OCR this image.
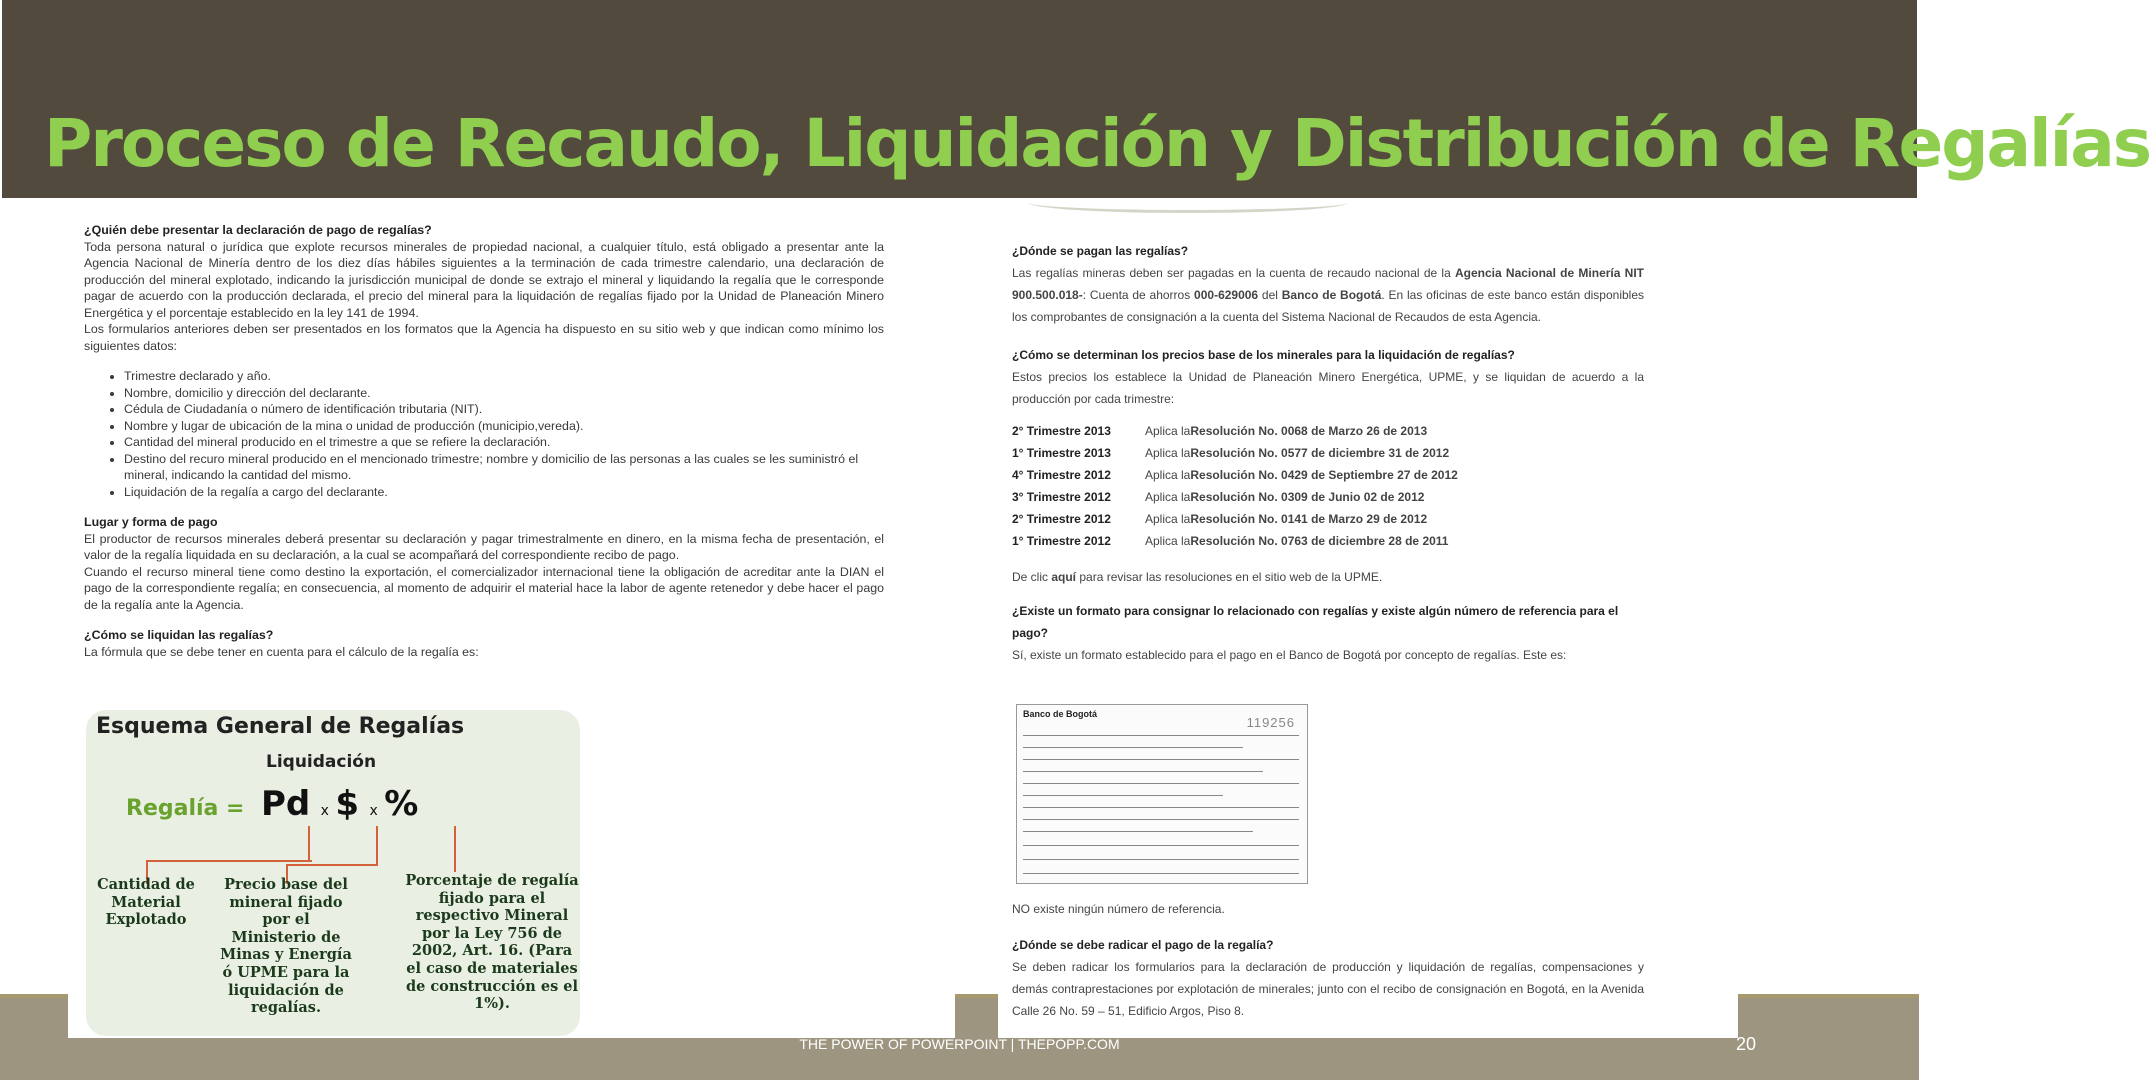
Proceso de Recaudo, Liquidación y Distribución de Regalías
¿Quién debe presentar la declaración de pago de regalías?

Toda persona natural o jurídica que explote recursos minerales de propiedad nacional, a cualquier título, está obligado a presentar ante la Agencia Nacional de Minería dentro de los diez días hábiles siguientes a la terminación de cada trimestre calendario, una declaración de producción del mineral explotado, indicando la jurisdicción municipal de donde se extrajo el mineral y liquidando la regalía que le corresponde pagar de acuerdo con la producción declarada, el precio del mineral para la liquidación de regalías fijado por la Unidad de Planeación Minero Energética y el porcentaje establecido en la ley 141 de 1994.

Los formularios anteriores deben ser presentados en los formatos que la Agencia ha dispuesto en su sitio web y que indican como mínimo los siguientes datos:

• Trimestre declarado y año.
• Nombre, domicilio y dirección del declarante.
• Cédula de Ciudadanía o número de identificación tributaria (NIT).
• Nombre y lugar de ubicación de la mina o unidad de producción (municipio,vereda).
• Cantidad del mineral producido en el trimestre a que se refiere la declaración.
• Destino del recuro mineral producido en el mencionado trimestre; nombre y domicilio de las personas a las cuales se les suministró el mineral, indicando la cantidad del mismo.
• Liquidación de la regalía a cargo del declarante.
Lugar y forma de pago

El productor de recursos minerales deberá presentar su declaración y pagar trimestralmente en dinero, en la misma fecha de presentación, el valor de la regalía liquidada en su declaración, a la cual se acompañará del correspondiente recibo de pago.

Cuando el recurso mineral tiene como destino la exportación, el comercializador internacional tiene la obligación de acreditar ante la DIAN el pago de la correspondiente regalía; en consecuencia, al momento de adquirir el material hace la labor de agente retenedor y debe hacer el pago de la regalía ante la Agencia.

¿Cómo se liquidan las regalías?

La fórmula que se debe tener en cuenta para el cálculo de la regalía es:

Esquema General de Regalías
Liquidación
Regalía = Pd x $ x %
Cantidad de Material Explotado
Precio base del mineral fijado por el Ministerio de Minas y Energía ó UPME para la liquidación de regalías.
Porcentaje de regalía fijado para el respectivo Mineral por la Ley 756 de 2002, Art. 16. (Para el caso de materiales de construcción es el 1%).
¿Dónde se pagan las regalías?

Las regalías mineras deben ser pagadas en la cuenta de recaudo nacional de la Agencia Nacional de Minería NIT 900.500.018-: Cuenta de ahorros 000-629006 del Banco de Bogotá. En las oficinas de este banco están disponibles los comprobantes de consignación a la cuenta del Sistema Nacional de Recaudos de esta Agencia.

¿Cómo se determinan los precios base de los minerales para la liquidación de regalías?

Estos precios los establece la Unidad de Planeación Minero Energética, UPME, y se liquidan de acuerdo a la producción por cada trimestre:

2° Trimestre 2013	Aplica la Resolución No. 0068 de Marzo 26 de 2013
1° Trimestre 2013	Aplica la Resolución No. 0577 de diciembre 31 de 2012
4° Trimestre 2012	Aplica la Resolución No. 0429 de Septiembre 27 de 2012
3° Trimestre 2012	Aplica la Resolución No. 0309 de Junio 02 de 2012
2° Trimestre 2012	Aplica la Resolución No. 0141 de Marzo 29 de 2012
1° Trimestre 2012	Aplica la Resolución No. 0763 de diciembre 28 de 2011

De clic aquí para revisar las resoluciones en el sitio web de la UPME.

¿Existe un formato para consignar lo relacionado con regalías y existe algún número de referencia para el pago?

Sí, existe un formato establecido para el pago en el Banco de Bogotá por concepto de regalías. Este es:

Banco de Bogotá
119256

NO existe ningún número de referencia.

¿Dónde se debe radicar el pago de la regalía?

Se deben radicar los formularios para la declaración de producción y liquidación de regalías, compensaciones y demás contraprestaciones por explotación de minerales; junto con el recibo de consignación en Bogotá, en la Avenida Calle 26 No. 59 – 51, Edificio Argos, Piso 8.

THE POWER OF POWERPOINT | THEPOPP.COM	20
